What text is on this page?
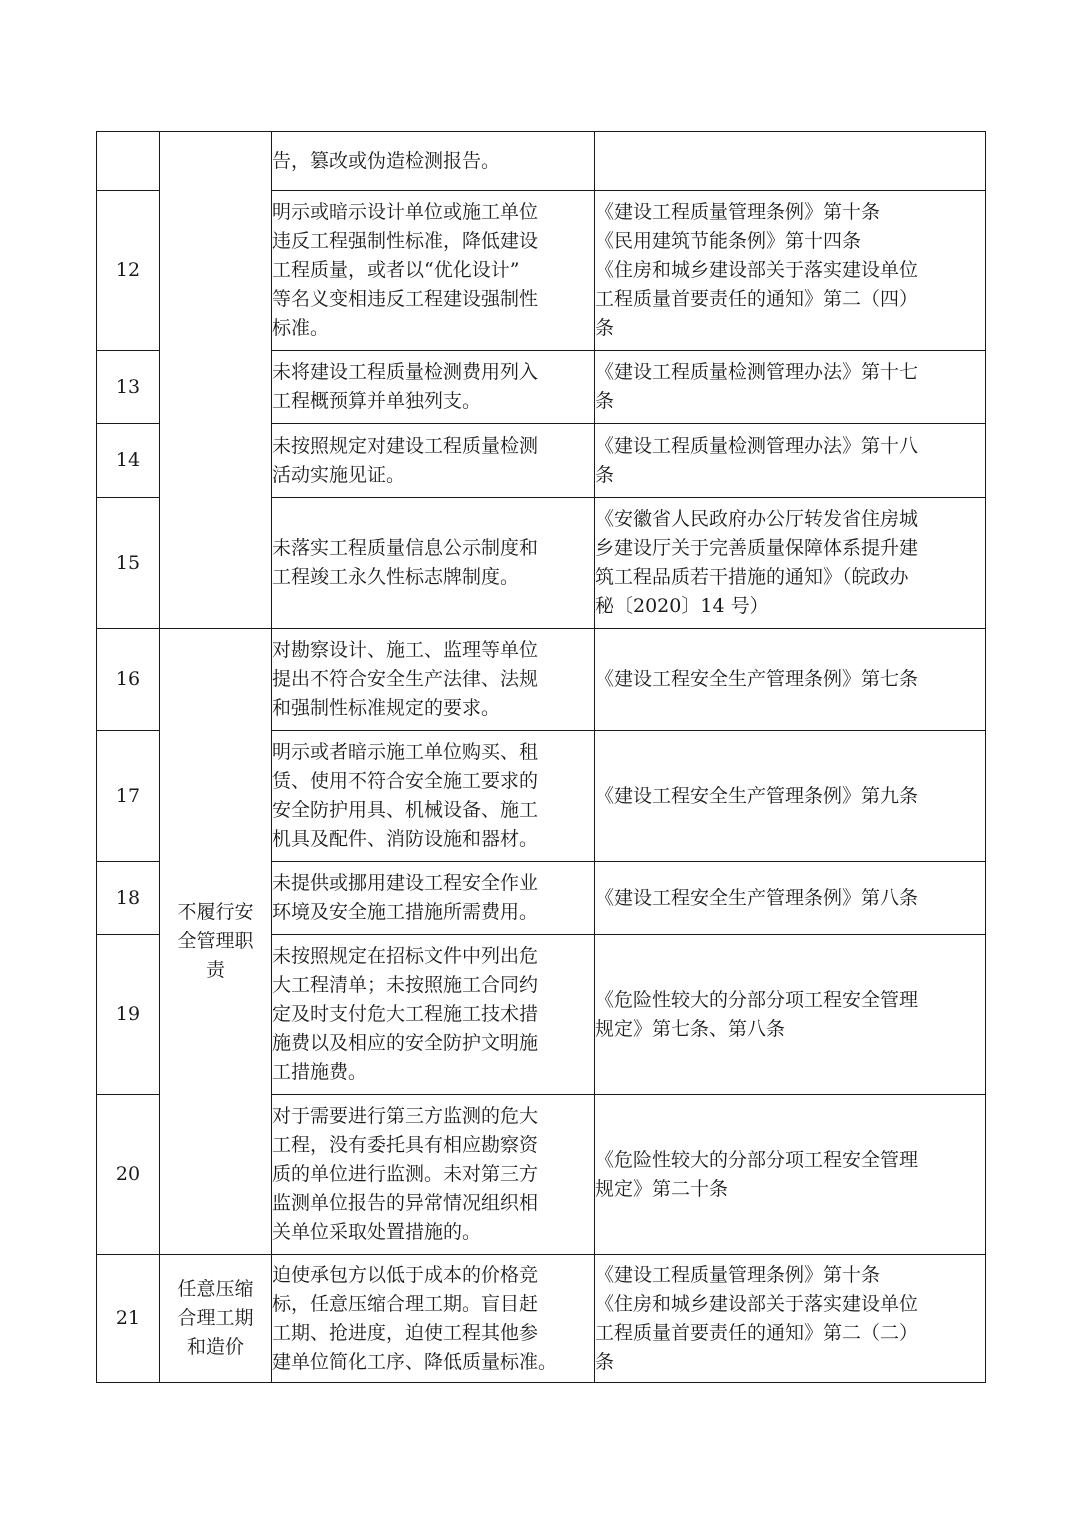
		告，篡改或伪造检测报告。	

12		明示或暗示设计单位或施工单位
违反工程强制性标准，降低建设
工程质量，或者以“优化设计”
等名义变相违反工程建设强制性
标准。	《建设工程质量管理条例》第十条
《民用建筑节能条例》第十四条
《住房和城乡建设部关于落实建设单位
工程质量首要责任的通知》第二（四）
条

13		未将建设工程质量检测费用列入
工程概预算并单独列支。	《建设工程质量检测管理办法》第十七
条

14		未按照规定对建设工程质量检测
活动实施见证。	《建设工程质量检测管理办法》第十八
条

15		未落实工程质量信息公示制度和
工程竣工永久性标志牌制度。	《安徽省人民政府办公厅转发省住房城
乡建设厅关于完善质量保障体系提升建
筑工程品质若干措施的通知》（皖政办
秘〔2020〕14 号）

16	不履行安
全管理职
责	对勘察设计、施工、监理等单位
提出不符合安全生产法律、法规
和强制性标准规定的要求。	《建设工程安全生产管理条例》第七条

17		明示或者暗示施工单位购买、租
赁、使用不符合安全施工要求的
安全防护用具、机械设备、施工
机具及配件、消防设施和器材。	《建设工程安全生产管理条例》第九条

18		未提供或挪用建设工程安全作业
环境及安全施工措施所需费用。	《建设工程安全生产管理条例》第八条

19		未按照规定在招标文件中列出危
大工程清单；未按照施工合同约
定及时支付危大工程施工技术措
施费以及相应的安全防护文明施
工措施费。	《危险性较大的分部分项工程安全管理
规定》第七条、第八条

20		对于需要进行第三方监测的危大
工程，没有委托具有相应勘察资
质的单位进行监测。未对第三方
监测单位报告的异常情况组织相
关单位采取处置措施的。	《危险性较大的分部分项工程安全管理
规定》第二十条

21	任意压缩
合理工期
和造价	迫使承包方以低于成本的价格竞
标，任意压缩合理工期。盲目赶
工期、抢进度，迫使工程其他参
建单位简化工序、降低质量标准。	《建设工程质量管理条例》第十条
《住房和城乡建设部关于落实建设单位
工程质量首要责任的通知》第二（二）
条
